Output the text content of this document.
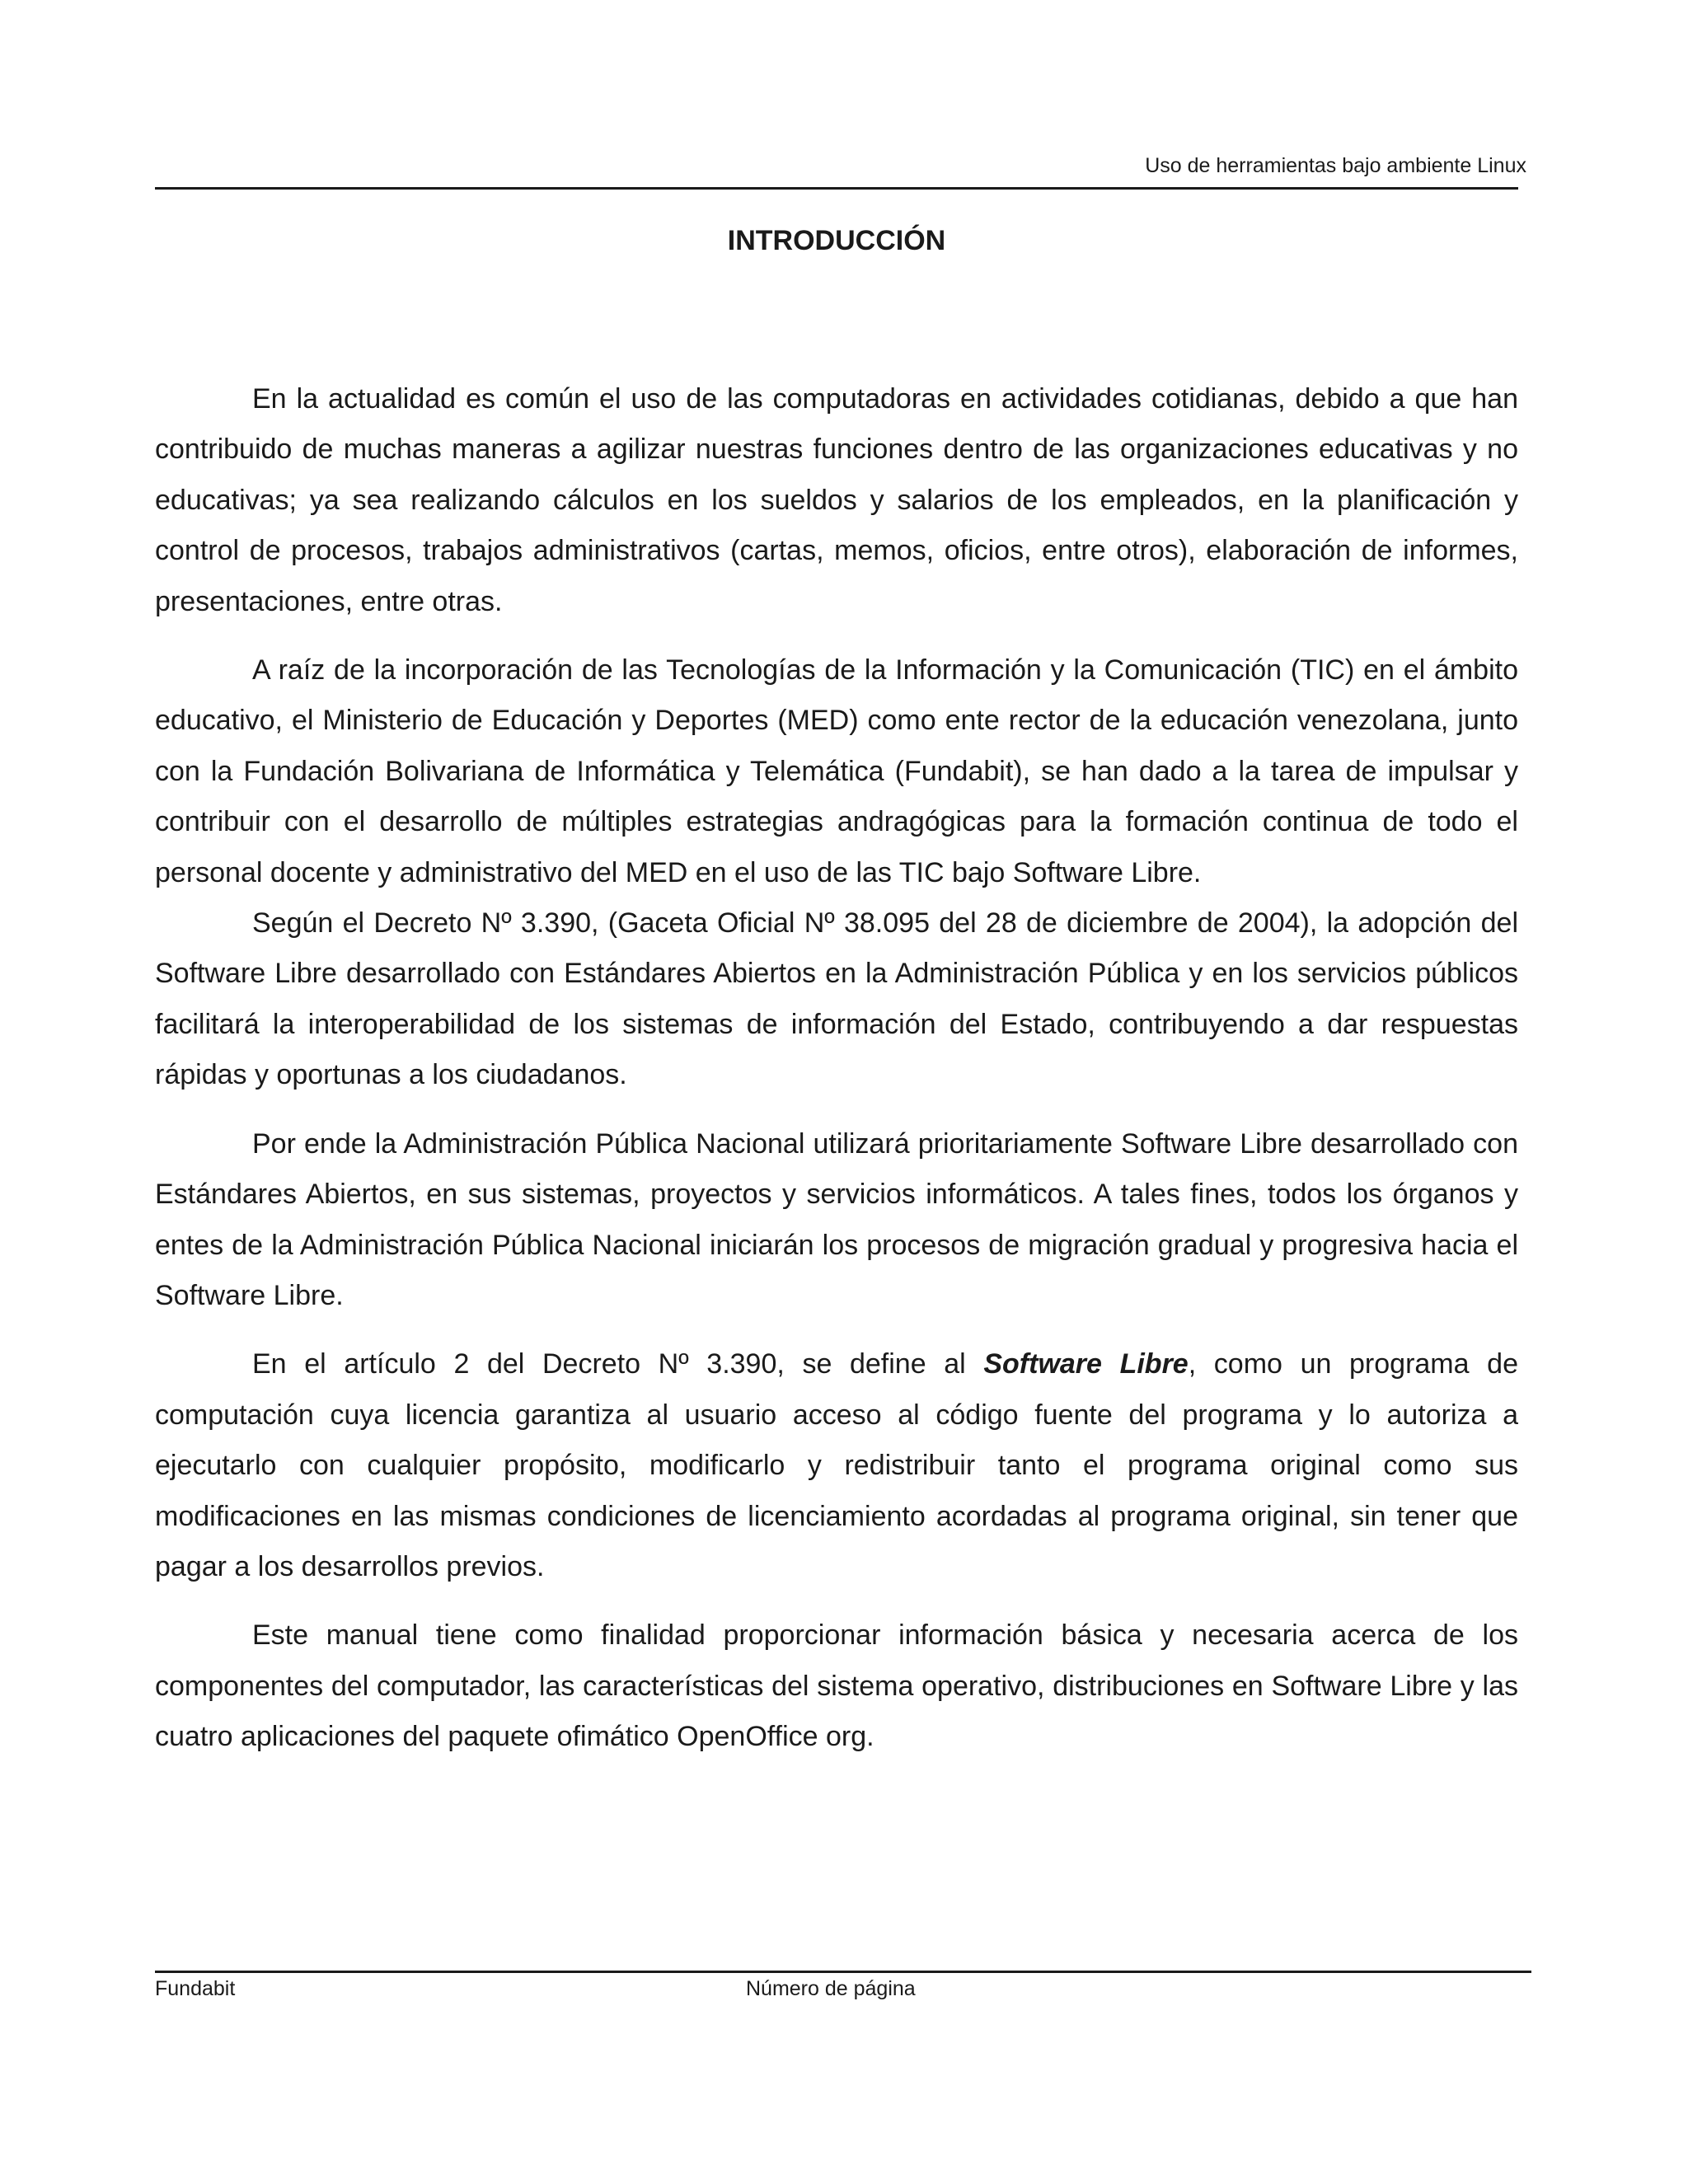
Uso de herramientas bajo ambiente Linux
INTRODUCCIÓN

En la actualidad es común el uso de las computadoras en actividades cotidianas, debido a que han contribuido de muchas maneras a agilizar nuestras funciones dentro de las organizaciones educativas y no educativas; ya sea realizando cálculos en los sueldos y salarios de los empleados, en la planificación y control de procesos, trabajos administrativos (cartas, memos, oficios, entre otros), elaboración de informes, presentaciones, entre otras.

A raíz de la incorporación de las Tecnologías de la Información y la Comunicación (TIC) en el ámbito educativo, el Ministerio de Educación y Deportes (MED) como ente rector de la educación venezolana, junto con la Fundación Bolivariana de Informática y Telemática (Fundabit), se han dado a la tarea de impulsar y contribuir con el desarrollo de múltiples estrategias andragógicas para la formación continua de todo el personal docente y administrativo del MED en el uso de las TIC bajo Software Libre.

Según el Decreto Nº 3.390, (Gaceta Oficial Nº 38.095 del 28 de diciembre de 2004), la adopción del Software Libre desarrollado con Estándares Abiertos en la Administración Pública y en los servicios públicos facilitará la interoperabilidad de los sistemas de información del Estado, contribuyendo a dar respuestas rápidas y oportunas a los ciudadanos.

Por ende la Administración Pública Nacional utilizará prioritariamente Software Libre desarrollado con Estándares Abiertos, en sus sistemas, proyectos y servicios informáticos. A tales fines, todos los órganos y entes de la Administración Pública Nacional iniciarán los procesos de migración gradual y progresiva hacia el Software Libre.

En el artículo 2 del Decreto Nº 3.390, se define al Software Libre, como un programa de computación cuya licencia garantiza al usuario acceso al código fuente del programa y lo autoriza a ejecutarlo con cualquier propósito, modificarlo y redistribuir tanto el programa original como sus modificaciones en las mismas condiciones de licenciamiento acordadas al programa original, sin tener que pagar a los desarrollos previos.

Este manual tiene como finalidad proporcionar información básica y necesaria acerca de los componentes del computador, las características del sistema operativo, distribuciones en Software Libre y las cuatro aplicaciones del paquete ofimático OpenOffice org.

Fundabit	Número de página
